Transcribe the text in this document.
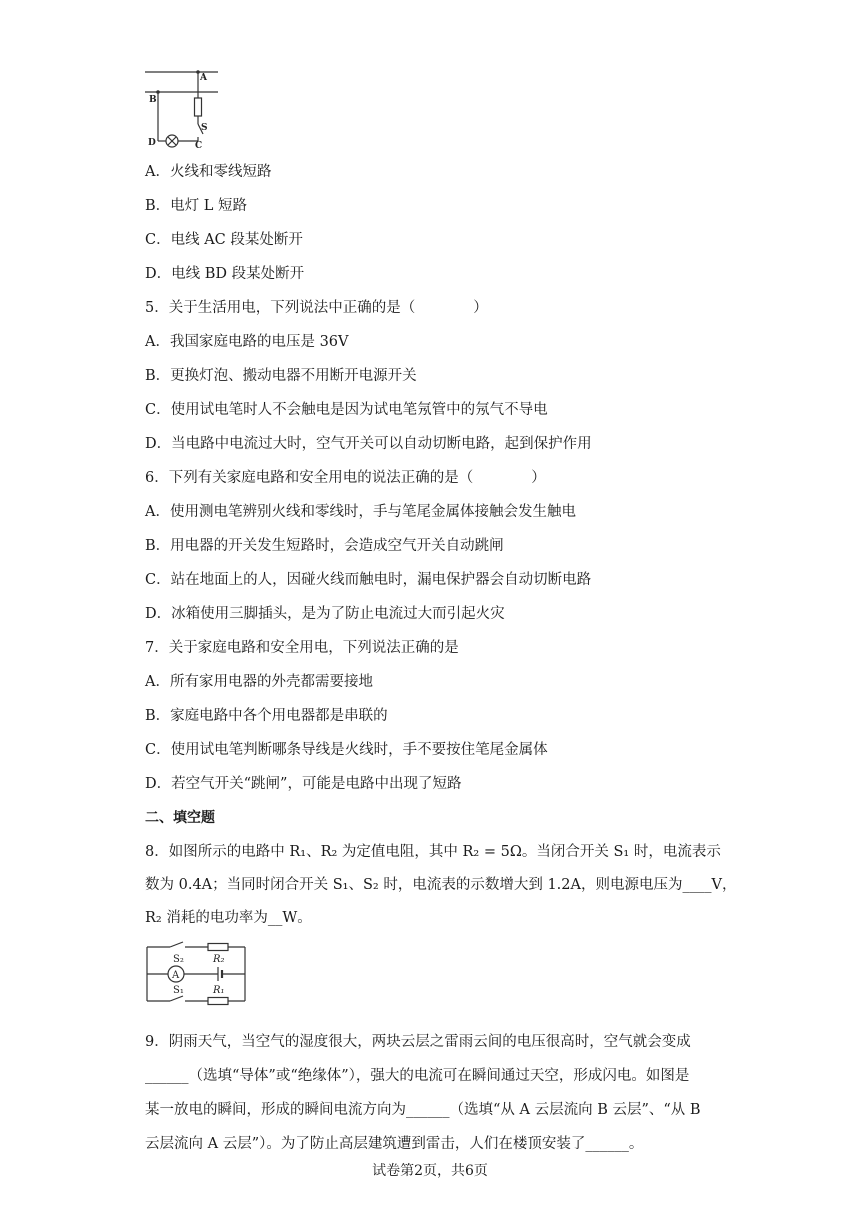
A
B
S
D	C
A．火线和零线短路
B．电灯 L 短路
C．电线 AC 段某处断开
D．电线 BD 段某处断开
5．关于生活用电，下列说法中正确的是（　　　　）
A．我国家庭电路的电压是 36V
B．更换灯泡、搬动电器不用断开电源开关
C．使用试电笔时人不会触电是因为试电笔氖管中的氖气不导电
D．当电路中电流过大时，空气开关可以自动切断电路，起到保护作用
6．下列有关家庭电路和安全用电的说法正确的是（　　　　）
A．使用测电笔辨别火线和零线时，手与笔尾金属体接触会发生触电
B．用电器的开关发生短路时，会造成空气开关自动跳闸
C．站在地面上的人，因碰火线而触电时，漏电保护器会自动切断电路
D．冰箱使用三脚插头，是为了防止电流过大而引起火灾
7．关于家庭电路和安全用电，下列说法正确的是
A．所有家用电器的外壳都需要接地
B．家庭电路中各个用电器都是串联的
C．使用试电笔判断哪条导线是火线时，手不要按住笔尾金属体
D．若空气开关“跳闸”，可能是电路中出现了短路
二、填空题
8．如图所示的电路中 R₁、R₂ 为定值电阻，其中 R₂ = 5Ω。当闭合开关 S₁ 时，电流表示
数为 0.4A；当同时闭合开关 S₁、S₂ 时，电流表的示数增大到 1.2A，则电源电压为____V，
R₂ 消耗的电功率为__W。
S₂	R₂
A
S₁	R₁
9．阴雨天气，当空气的湿度很大，两块云层之雷雨云间的电压很高时，空气就会变成
______（选填“导体”或“绝缘体”），强大的电流可在瞬间通过天空，形成闪电。如图是
某一放电的瞬间，形成的瞬间电流方向为______（选填“从 A 云层流向 B 云层”、“从 B
云层流向 A 云层”）。为了防止高层建筑遭到雷击，人们在楼顶安装了______。
试卷第2页，共6页
